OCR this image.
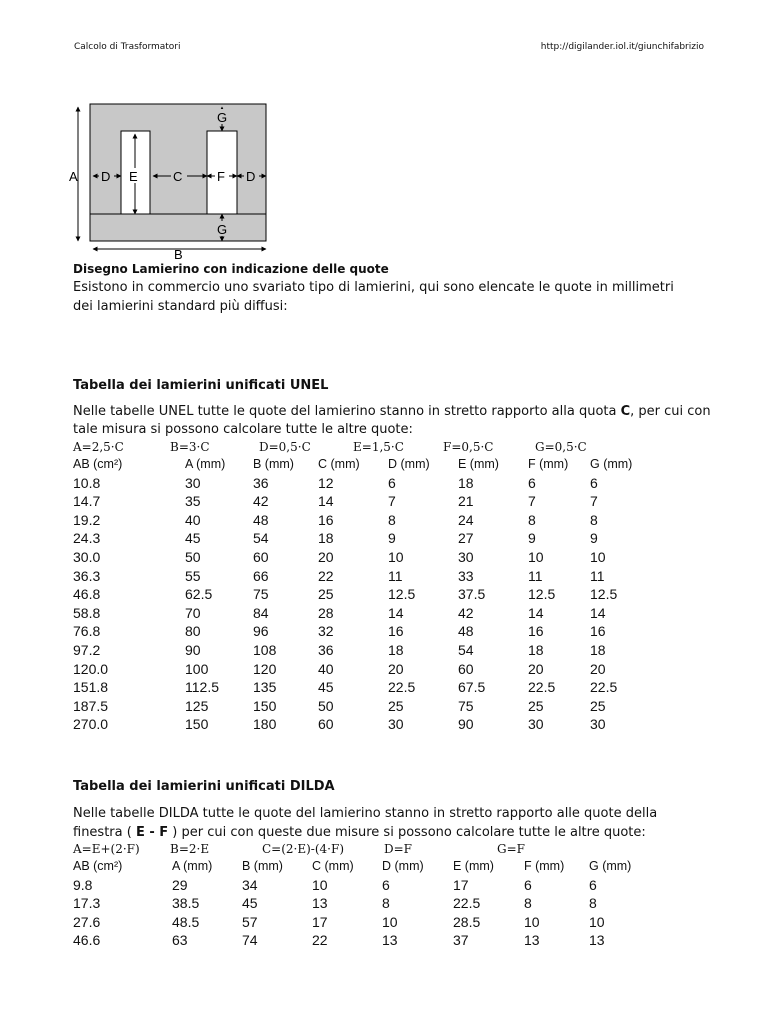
Calcolo di Trasformatori	http://digilander.iol.it/giunchifabrizio
A
B
D E	C	F D
G
G
Disegno Lamierino con indicazione delle quote
Esistono in commercio uno svariato tipo di lamierini, qui sono elencate le quote in millimetri
dei lamierini standard più diffusi:
Tabella dei lamierini unificati UNEL
Nelle tabelle UNEL tutte le quote del lamierino stanno in stretto rapporto alla quota C, per cui con tale misura si possono calcolare tutte le altre quote:
A=2,5·C	B=3·C	D=0,5·C	E=1,5·C	F=0,5·C	G=0,5·C
AB (cm²)	A (mm) B (mm) C (mm) D (mm) E (mm) F (mm) G (mm)
10.8	30	36	12	6	18	6	6
14.7	35	42	14	7	21	7	7
19.2	40	48	16	8	24	8	8
24.3	45	54	18	9	27	9	9
30.0	50	60	20	10	30	10	10
36.3	55	66	22	11	33	11	11
46.8	62.5	75	25	12.5	37.5	12.5 12.5
58.8	70	84	28	14	42	14	14
76.8	80	96	32	16	48	16	16
97.2	90	108	36	18	54	18	18
120.0	100	120	40	20	60	20	20
151.8	112.5 135	45	22.5	67.5	22.5 22.5
187.5	125	150	50	25	75	25	25
270.0	150	180	60	30	90	30	30
Tabella dei lamierini unificati DILDA
Nelle tabelle DILDA tutte le quote del lamierino stanno in stretto rapporto alle quote della
finestra ( E - F ) per cui con queste due misure si possono calcolare tutte le altre quote:
A=E+(2·F)	B=2·E	C=(2·E)-(4·F)	D=F	G=F
AB (cm²)	A (mm) B (mm) C (mm) D (mm) E (mm) F (mm) G (mm)
9.8	29	34	10	6	17	6	6
17.3	38.5	45	13	8	22.5	8	8
27.6	48.5	57	17	10	28.5	10	10
46.6	63	74	22	13	37	13	13
